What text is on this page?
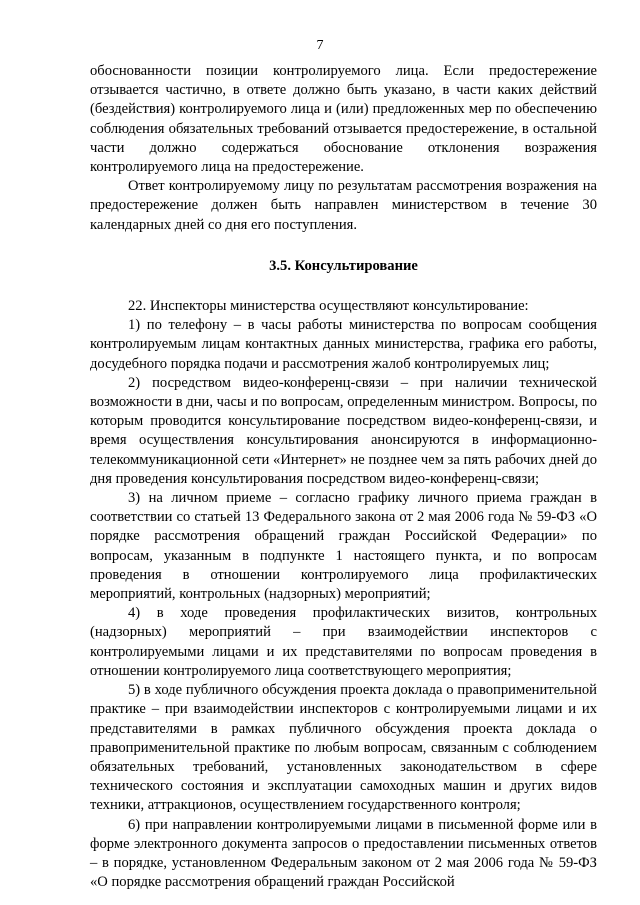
7

обоснованности позиции контролируемого лица. Если предостережение отзывается частично, в ответе должно быть указано, в части каких действий (бездействия) контролируемого лица и (или) предложенных мер по обеспечению соблюдения обязательных требований отзывается предостережение, в остальной части должно содержаться обоснование отклонения возражения контролируемого лица на предостережение.

Ответ контролируемому лицу по результатам рассмотрения возражения на предостережение должен быть направлен министерством в течение 30 календарных дней со дня его поступления.

3.5. Консультирование

22. Инспекторы министерства осуществляют консультирование:

1) по телефону – в часы работы министерства по вопросам сообщения контролируемым лицам контактных данных министерства, графика его работы, досудебного порядка подачи и рассмотрения жалоб контролируемых лиц;

2) посредством видео-конференц-связи – при наличии технической возможности в дни, часы и по вопросам, определенным министром. Вопросы, по которым проводится консультирование посредством видео-конференц-связи, и время осуществления консультирования анонсируются в информационно-телекоммуникационной сети «Интернет» не позднее чем за пять рабочих дней до дня проведения консультирования посредством видео-конференц-связи;

3) на личном приеме – согласно графику личного приема граждан в соответствии со статьей 13 Федерального закона от 2 мая 2006 года № 59-ФЗ «О порядке рассмотрения обращений граждан Российской Федерации» по вопросам, указанным в подпункте 1 настоящего пункта, и по вопросам проведения в отношении контролируемого лица профилактических мероприятий, контрольных (надзорных) мероприятий;

4) в ходе проведения профилактических визитов, контрольных (надзорных) мероприятий – при взаимодействии инспекторов с контролируемыми лицами и их представителями по вопросам проведения в отношении контролируемого лица соответствующего мероприятия;

5) в ходе публичного обсуждения проекта доклада о правоприменительной практике – при взаимодействии инспекторов с контролируемыми лицами и их представителями в рамках публичного обсуждения проекта доклада о правоприменительной практике по любым вопросам, связанным с соблюдением обязательных требований, установленных законодательством в сфере технического состояния и эксплуатации самоходных машин и других видов техники, аттракционов, осуществлением государственного контроля;

6) при направлении контролируемыми лицами в письменной форме или в форме электронного документа запросов о предоставлении письменных ответов – в порядке, установленном Федеральным законом от 2 мая 2006 года № 59-ФЗ «О порядке рассмотрения обращений граждан Российской
